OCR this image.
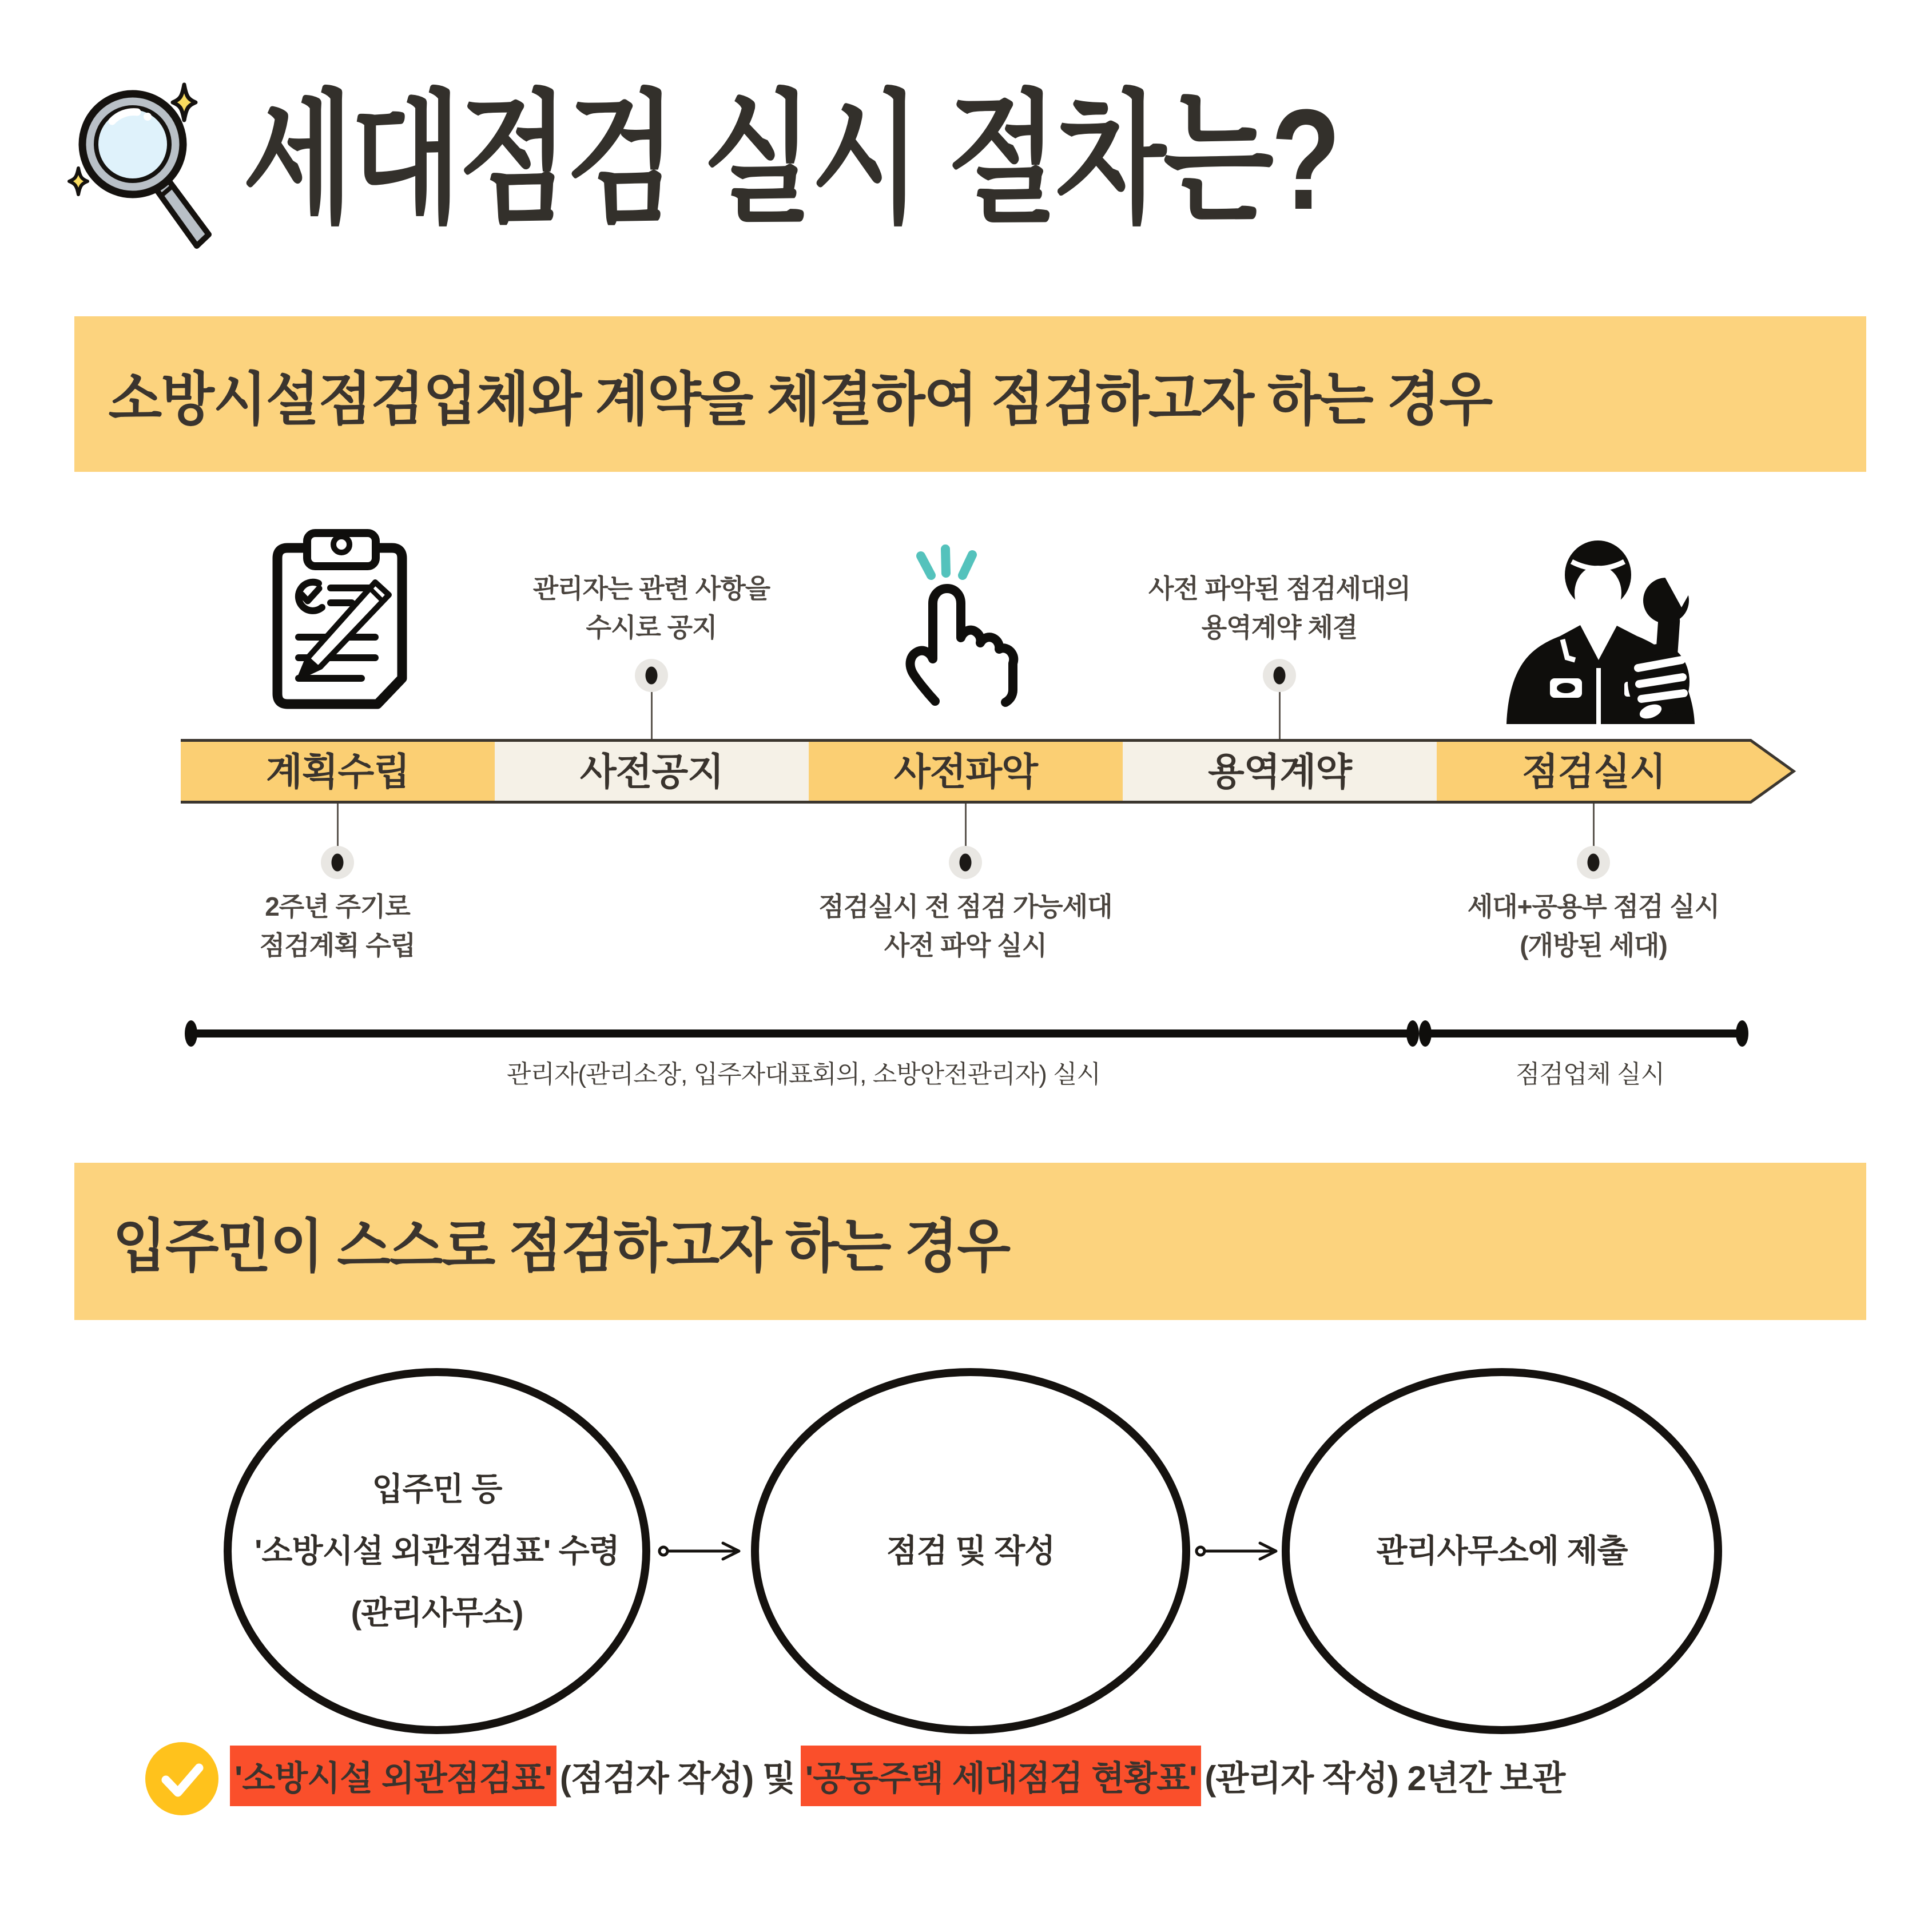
세대점검 실시 절차는?
소방시설점검업체와 계약을 체결하여 점검하고자 하는 경우
관리자는 관련 사항을
수시로 공지
사전 파악된 점검세대의
용역계약 체결
계획수립	사전공지	사전파악	용역계약	점검실시
2주년 주기로
점검계획 수립
점검실시 전 점검 가능세대
사전 파악 실시
세대+공용부 점검 실시
(개방된 세대)
관리자(관리소장, 입주자대표회의, 소방안전관리자) 실시	점검업체 실시
입주민이 스스로 점검하고자 하는 경우
입주민 등
'소방시설 외관점검표' 수령
(관리사무소)
점검 및 작성	관리사무소에 제출
'소방시설 외관점검표' (점검자 작성) 및 '공동주택 세대점검 현황표' (관리자 작성) 2년간 보관
